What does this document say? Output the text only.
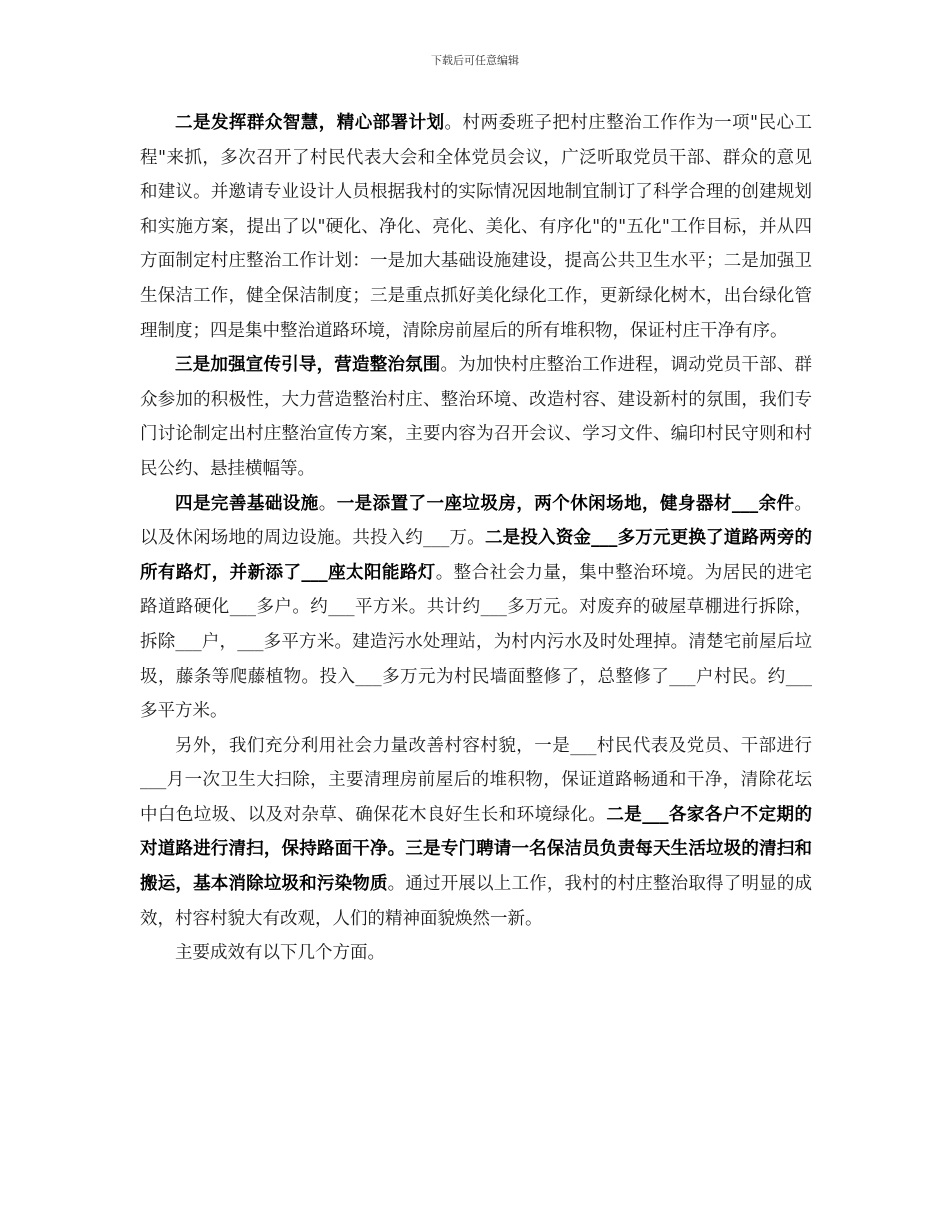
下载后可任意编辑

二是发挥群众智慧，精心部署计划。村两委班子把村庄整治工作作为一项"民心工程"来抓，多次召开了村民代表大会和全体党员会议，广泛听取党员干部、群众的意见和建议。并邀请专业设计人员根据我村的实际情况因地制宜制订了科学合理的创建规划和实施方案，提出了以"硬化、净化、亮化、美化、有序化"的"五化"工作目标，并从四方面制定村庄整治工作计划：一是加大基础设施建设，提高公共卫生水平；二是加强卫生保洁工作，健全保洁制度；三是重点抓好美化绿化工作，更新绿化树木，出台绿化管理制度；四是集中整治道路环境，清除房前屋后的所有堆积物，保证村庄干净有序。

三是加强宣传引导，营造整治氛围。为加快村庄整治工作进程，调动党员干部、群众参加的积极性，大力营造整治村庄、整治环境、改造村容、建设新村的氛围，我们专门讨论制定出村庄整治宣传方案，主要内容为召开会议、学习文件、编印村民守则和村民公约、悬挂横幅等。

四是完善基础设施。一是添置了一座垃圾房，两个休闲场地，健身器材___余件。以及休闲场地的周边设施。共投入约___万。二是投入资金___多万元更换了道路两旁的所有路灯，并新添了___座太阳能路灯。整合社会力量，集中整治环境。为居民的进宅路道路硬化___多户。约___平方米。共计约___多万元。对废弃的破屋草棚进行拆除，拆除___户，___多平方米。建造污水处理站，为村内污水及时处理掉。清楚宅前屋后垃圾，藤条等爬藤植物。投入___多万元为村民墙面整修了，总整修了___户村民。约___多平方米。

另外，我们充分利用社会力量改善村容村貌，一是___村民代表及党员、干部进行___月一次卫生大扫除，主要清理房前屋后的堆积物，保证道路畅通和干净，清除花坛中白色垃圾、以及对杂草、确保花木良好生长和环境绿化。二是___各家各户不定期的对道路进行清扫，保持路面干净。三是专门聘请一名保洁员负责每天生活垃圾的清扫和搬运，基本消除垃圾和污染物质。通过开展以上工作，我村的村庄整治取得了明显的成效，村容村貌大有改观，人们的精神面貌焕然一新。

主要成效有以下几个方面。
